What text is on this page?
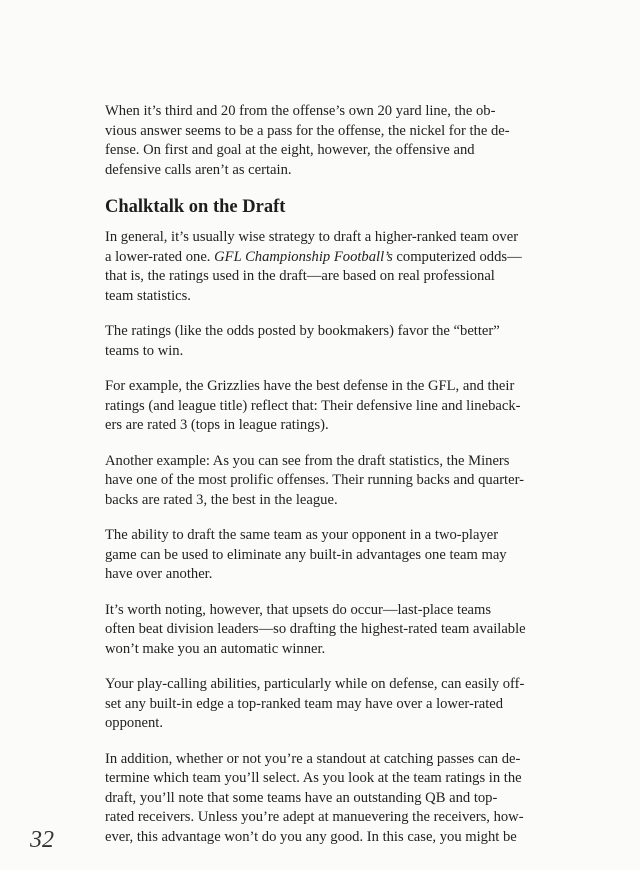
When it’s third and 20 from the offense’s own 20 yard line, the ob-
vious answer seems to be a pass for the offense, the nickel for the de-
fense. On first and goal at the eight, however, the offensive and
defensive calls aren’t as certain.

Chalktalk on the Draft

In general, it’s usually wise strategy to draft a higher-ranked team over
a lower-rated one. GFL Championship Football’s computerized odds—
that is, the ratings used in the draft—are based on real professional
team statistics.

The ratings (like the odds posted by bookmakers) favor the “better”
teams to win.

For example, the Grizzlies have the best defense in the GFL, and their
ratings (and league title) reflect that: Their defensive line and lineback-
ers are rated 3 (tops in league ratings).

Another example: As you can see from the draft statistics, the Miners
have one of the most prolific offenses. Their running backs and quarter-
backs are rated 3, the best in the league.

The ability to draft the same team as your opponent in a two-player
game can be used to eliminate any built-in advantages one team may
have over another.

It’s worth noting, however, that upsets do occur—last-place teams
often beat division leaders—so drafting the highest-rated team available
won’t make you an automatic winner.

Your play-calling abilities, particularly while on defense, can easily off-
set any built-in edge a top-ranked team may have over a lower-rated
opponent.

In addition, whether or not you’re a standout at catching passes can de-
termine which team you’ll select. As you look at the team ratings in the
draft, you’ll note that some teams have an outstanding QB and top-
rated receivers. Unless you’re adept at manuevering the receivers, how-
ever, this advantage won’t do you any good. In this case, you might be

32
